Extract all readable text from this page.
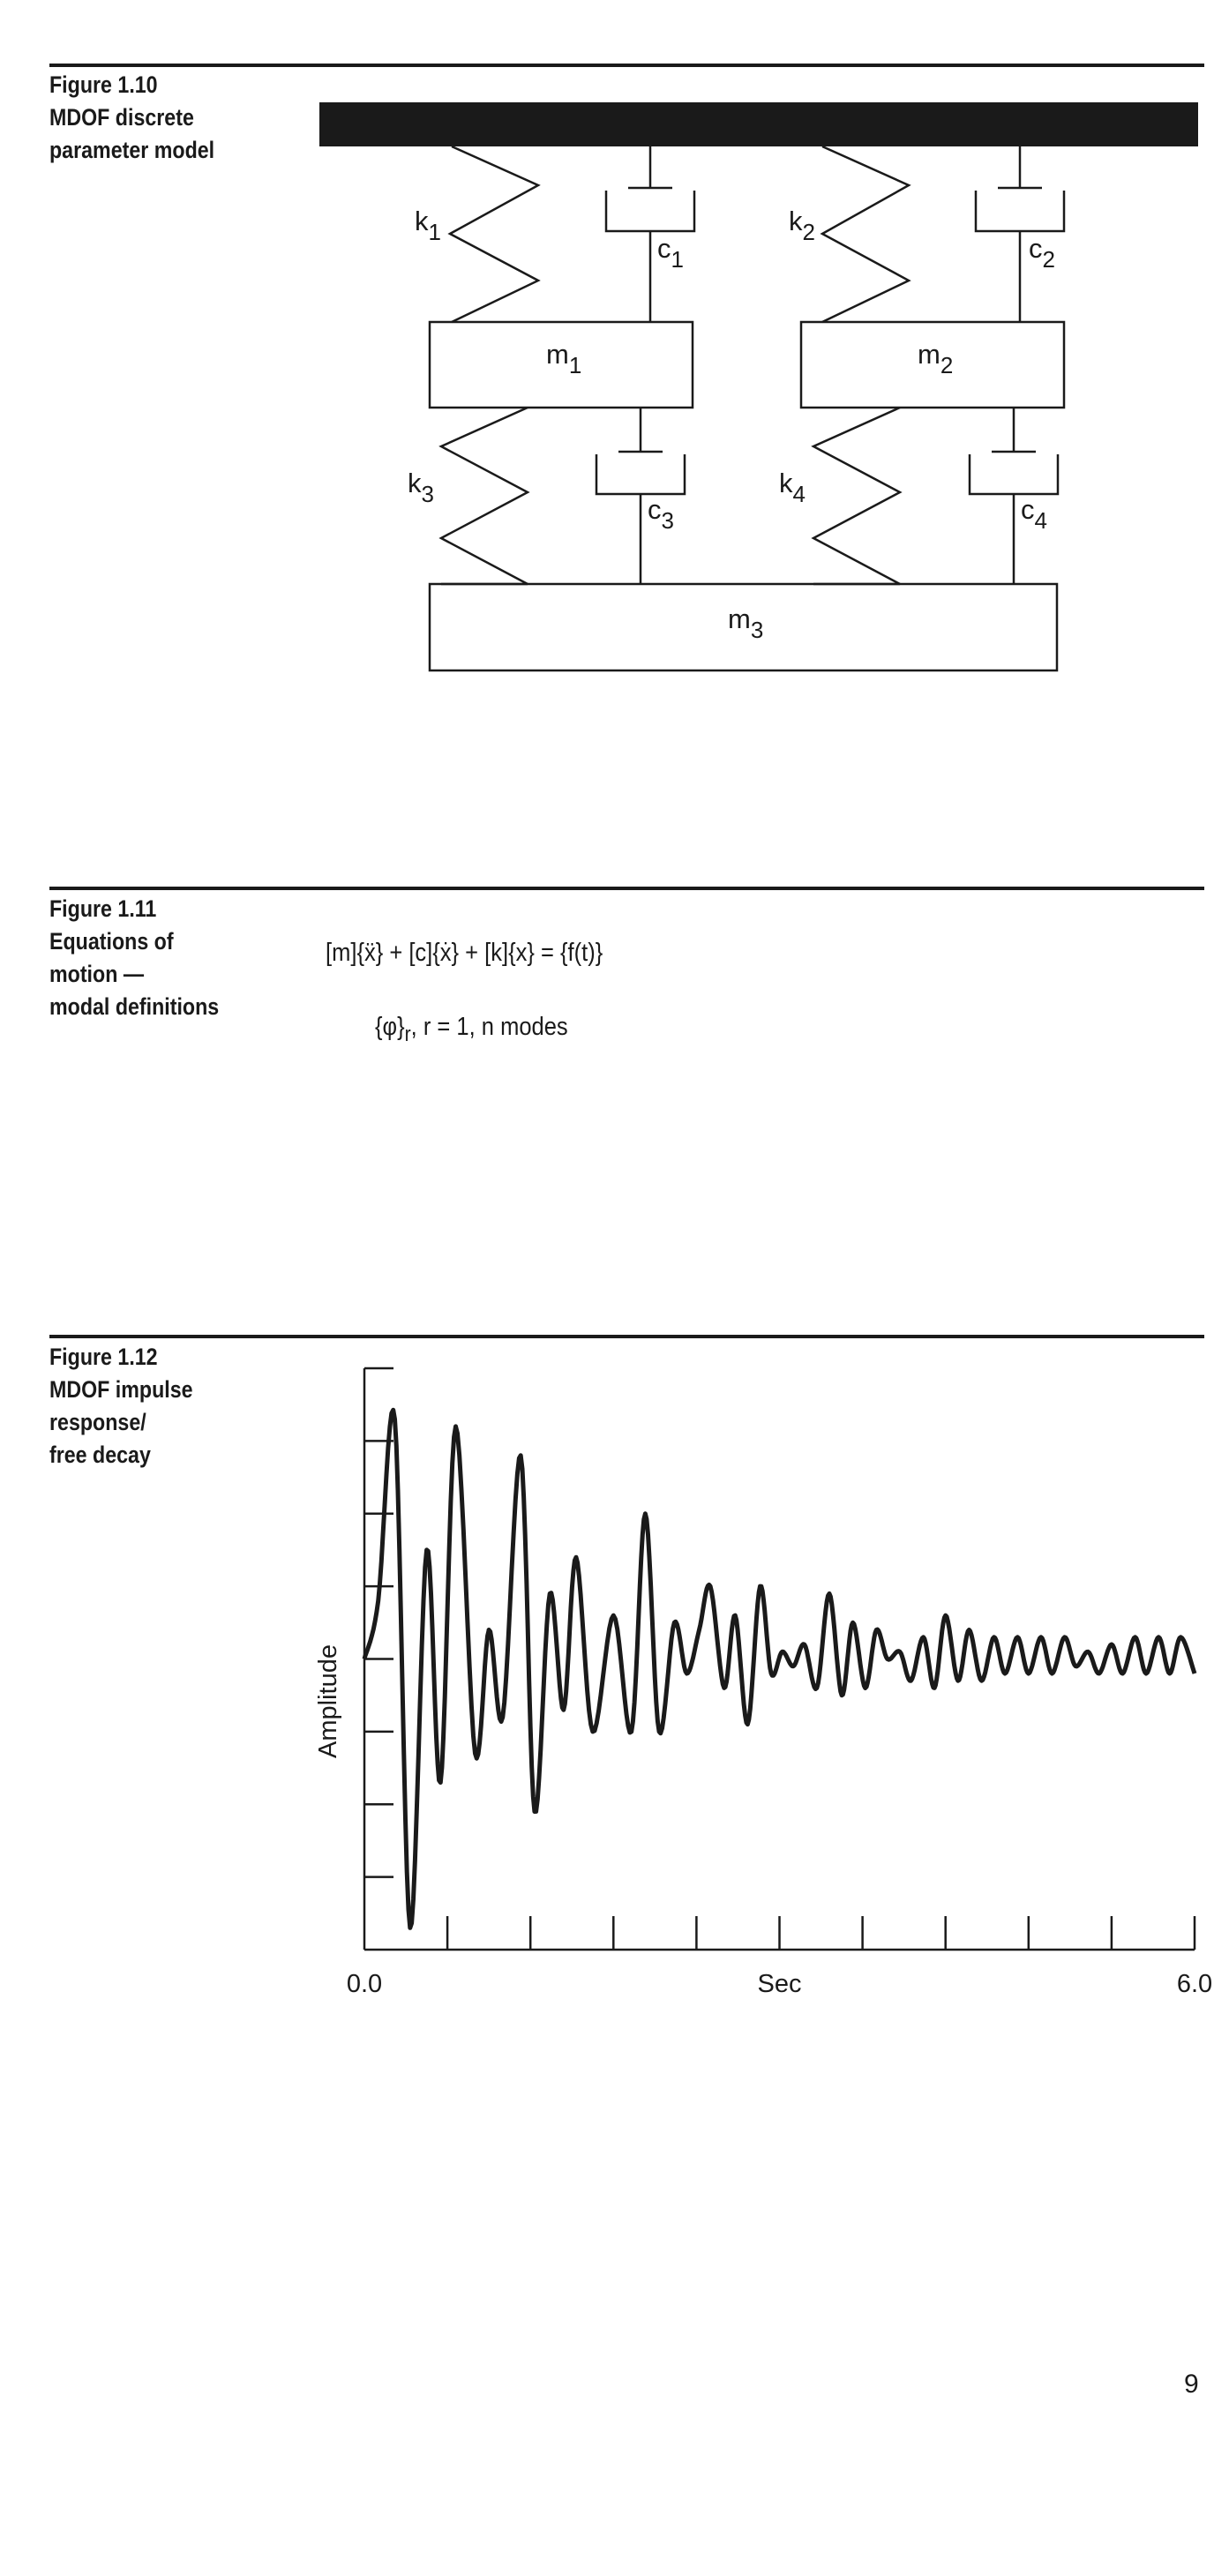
Figure 1.10
MDOF discrete
parameter model
$k_1$
$c_1$
$k_2$
$c_2$
$m_1$	$m_2$
$k_3$	$c_3$
$k_4$	$c_4$
$m_3$
Figure 1.11
Equations of
motion —
modal definitions
[m]{ẍ} + [c]{ẋ} + [k]{x} = {f(t)}
$\{\varphi\}_r$, r = 1, n modes
Figure 1.12
MDOF impulse
response/
free decay
Amplitude
Sec
0.0	6.0
9
